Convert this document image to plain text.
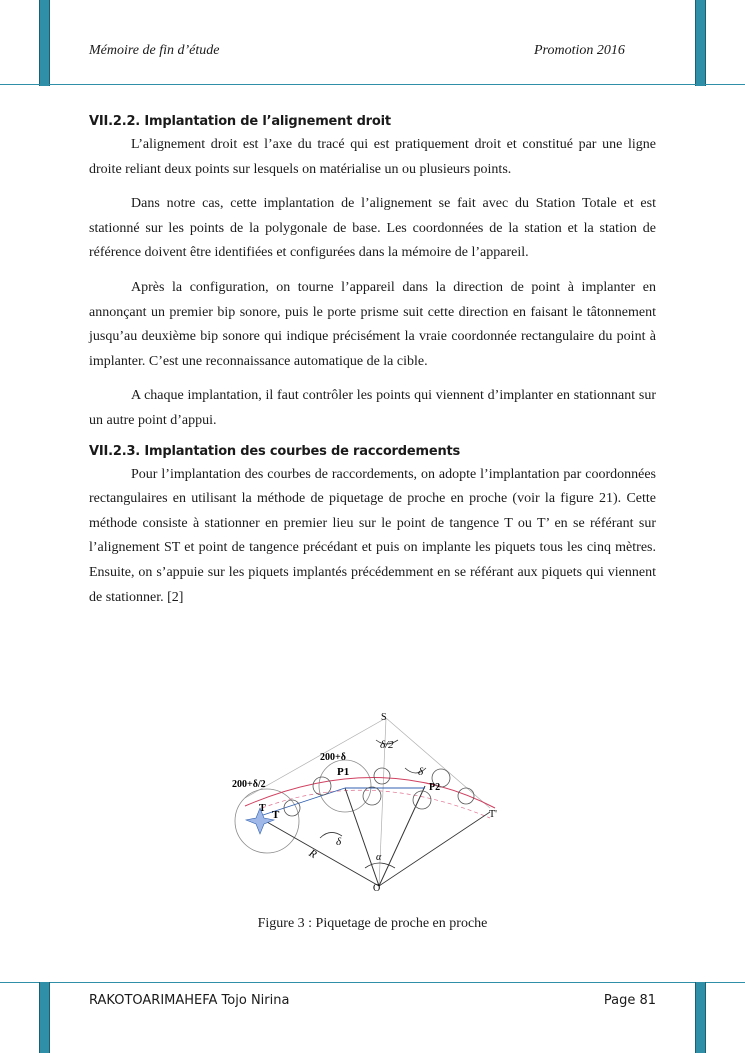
Mémoire de fin d’étude	Promotion 2016
VII.2.2. Implantation de l’alignement droit

L’alignement droit est l’axe du tracé qui est pratiquement droit et constitué par une ligne droite reliant deux points sur lesquels on matérialise un ou plusieurs points.

Dans notre cas, cette implantation de l’alignement se fait avec du Station Totale et est stationné sur les points de la polygonale de base. Les coordonnées de la station et la station de référence doivent être identifiées et configurées dans la mémoire de l’appareil.

Après la configuration, on tourne l’appareil dans la direction de point à implanter en annonçant un premier bip sonore, puis le porte prisme suit cette direction en faisant le tâtonnement jusqu’au deuxième bip sonore qui indique précisément la vraie coordonnée rectangulaire du point à implanter. C’est une reconnaissance automatique de la cible.

A chaque implantation, il faut contrôler les points qui viennent d’implanter en stationnant sur un autre point d’appui.

VII.2.3. Implantation des courbes de raccordements

Pour l’implantation des courbes de raccordements, on adopte l’implantation par coordonnées rectangulaires en utilisant la méthode de piquetage de proche en proche (voir la figure 21). Cette méthode consiste à stationner en premier lieu sur le point de tangence T ou T’ en se référant sur l’alignement ST et point de tangence précédant et puis on implante les piquets tous les cinq mètres. Ensuite, on s’appuie sur les piquets implantés précédemment en se référant aux piquets qui viennent de stationner. [2]

S
δ/2
200+δ
P1	δ
200+δ/2	P2
T
T	T'
δ
R	α
O
Figure 3 : Piquetage de proche en proche
RAKOTOARIMAHEFA Tojo Nirina	Page 81
